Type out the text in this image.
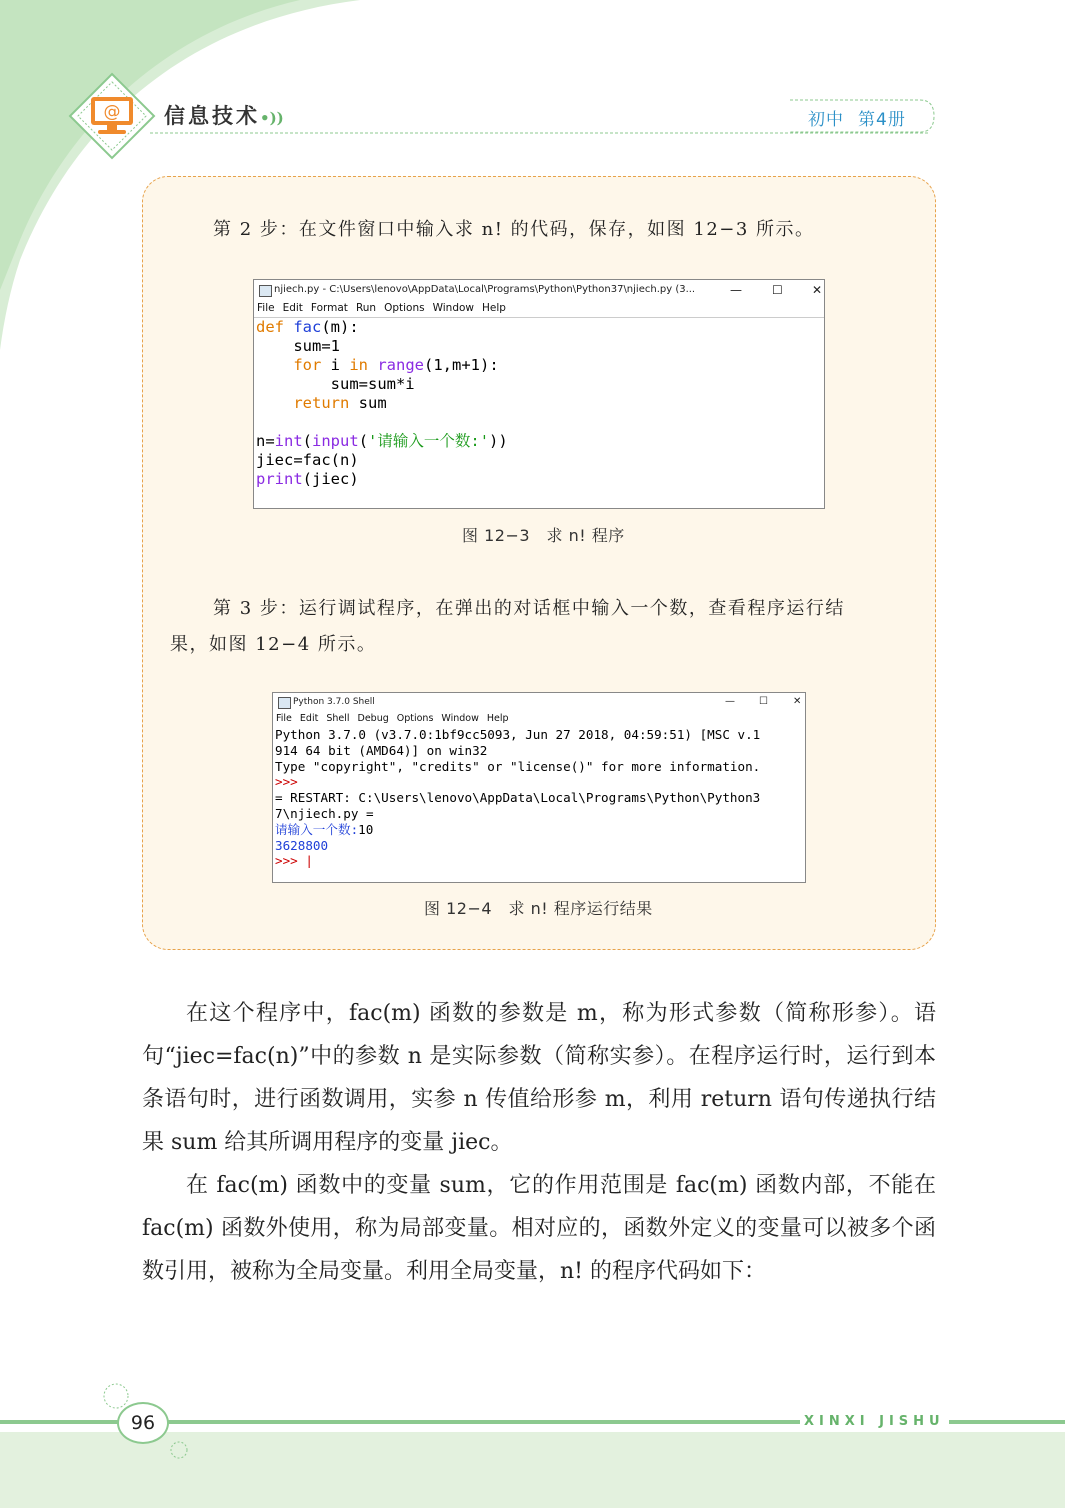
@ 信息技术•))	初中 第4册
第 2 步：在文件窗口中输入求 n! 的代码，保存，如图 12−3 所示。
njiech.py - C:\Users\lenovo\AppData\Local\Programs\Python\Python37\njiech.py (3...	—	☐ ✕
File Edit Format Run Options Window Help
def fac(m):
sum=1
for i in range(1,m+1):
sum=sum*i
return sum

n=int(input('请输入一个数:'))
jiec=fac(n)
print(jiec)
图 12−3　求 n! 程序
第 3 步：运行调试程序，在弹出的对话框中输入一个数，查看程序运行结
果，如图 12−4 所示。
Python 3.7.0 Shell	— ☐	✕
File Edit Shell Debug Options Window Help
Python 3.7.0 (v3.7.0:1bf9cc5093, Jun 27 2018, 04:59:51) [MSC v.1
914 64 bit (AMD64)] on win32
Type "copyright", "credits" or "license()" for more information.
>>>
= RESTART: C:\Users\lenovo\AppData\Local\Programs\Python\Python3
7\njiech.py =
请输入一个数:10
3628800
>>> |
图 12−4　求 n! 程序运行结果

在这个程序中，fac(m) 函数的参数是 m，称为形式参数（简称形参）。语句“jiec=fac(n)”中的参数 n 是实际参数（简称实参）。在程序运行时，运行到本条语句时，进行函数调用，实参 n 传值给形参 m，利用 return 语句传递执行结果 sum 给其所调用程序的变量 jiec。

在 fac(m) 函数中的变量 sum，它的作用范围是 fac(m) 函数内部，不能在 fac(m) 函数外使用，称为局部变量。相对应的，函数外定义的变量可以被多个函数引用，被称为全局变量。利用全局变量，n! 的程序代码如下：

96	XINXI JISHU
